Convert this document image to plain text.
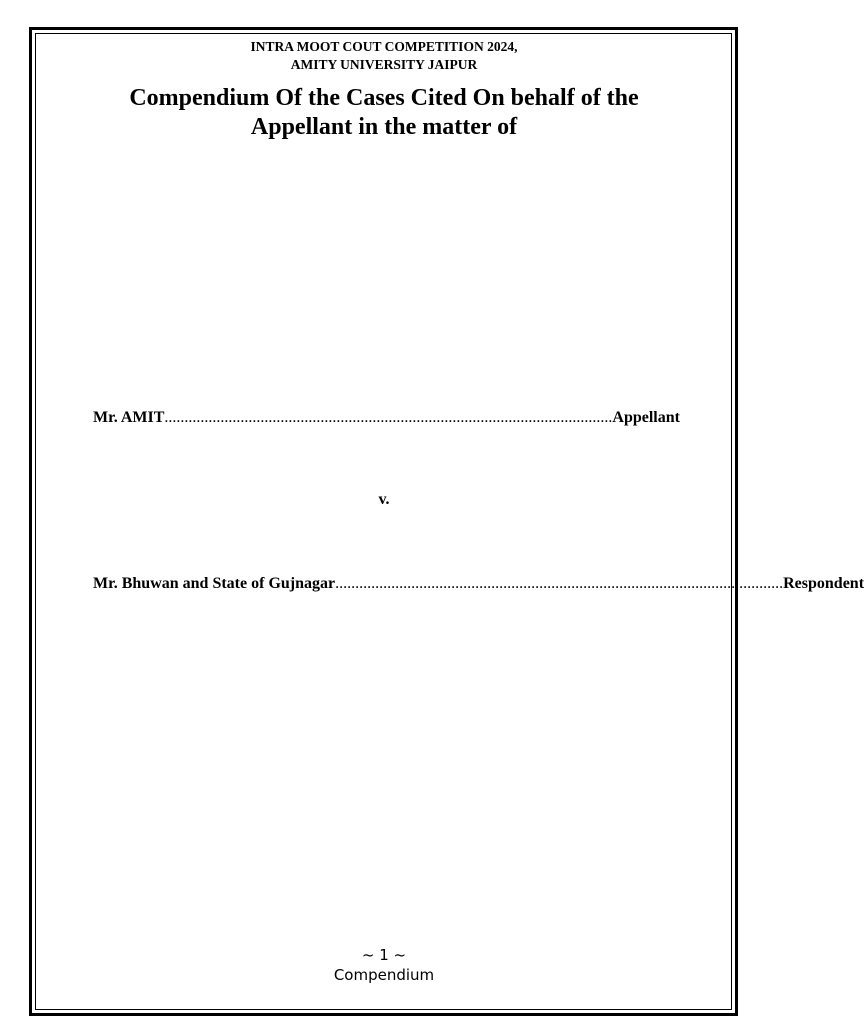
INTRA MOOT COUT COMPETITION 2024,
AMITY UNIVERSITY JAIPUR
Compendium Of the Cases Cited On behalf of the
Appellant in the matter of
Mr. AMIT ................................................................................................................ Appellant
v.
Mr. Bhuwan and State of Gujnagar ................................................................................................................ Respondent
~ 1 ~
Compendium
